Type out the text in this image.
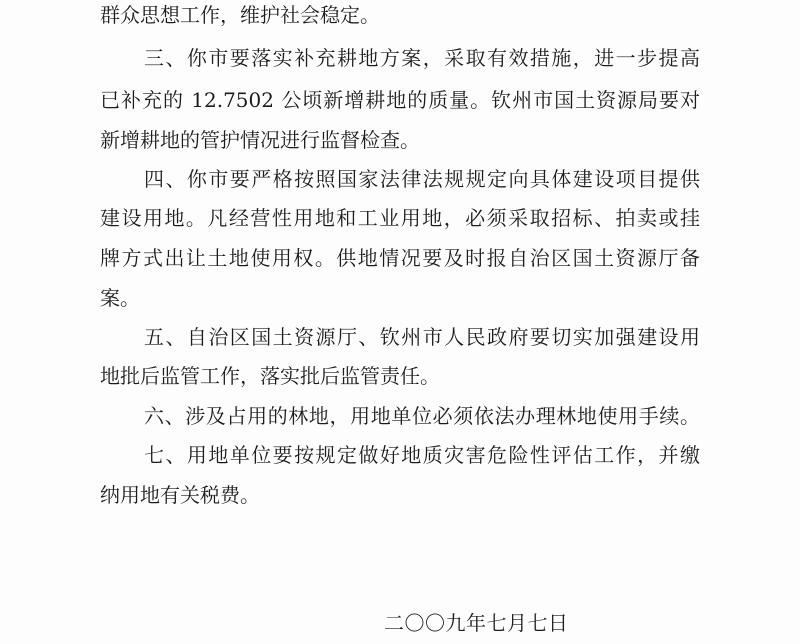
群众思想工作，维护社会稳定。
三、你市要落实补充耕地方案，采取有效措施，进一步提高
已补充的 12.7502 公顷新增耕地的质量。钦州市国土资源局要对
新增耕地的管护情况进行监督检查。
四、你市要严格按照国家法律法规规定向具体建设项目提供
建设用地。凡经营性用地和工业用地，必须采取招标、拍卖或挂
牌方式出让土地使用权。供地情况要及时报自治区国土资源厅备
案。
五、自治区国土资源厅、钦州市人民政府要切实加强建设用
地批后监管工作，落实批后监管责任。
六、涉及占用的林地，用地单位必须依法办理林地使用手续。
七、用地单位要按规定做好地质灾害危险性评估工作，并缴
纳用地有关税费。
二〇〇九年七月七日
